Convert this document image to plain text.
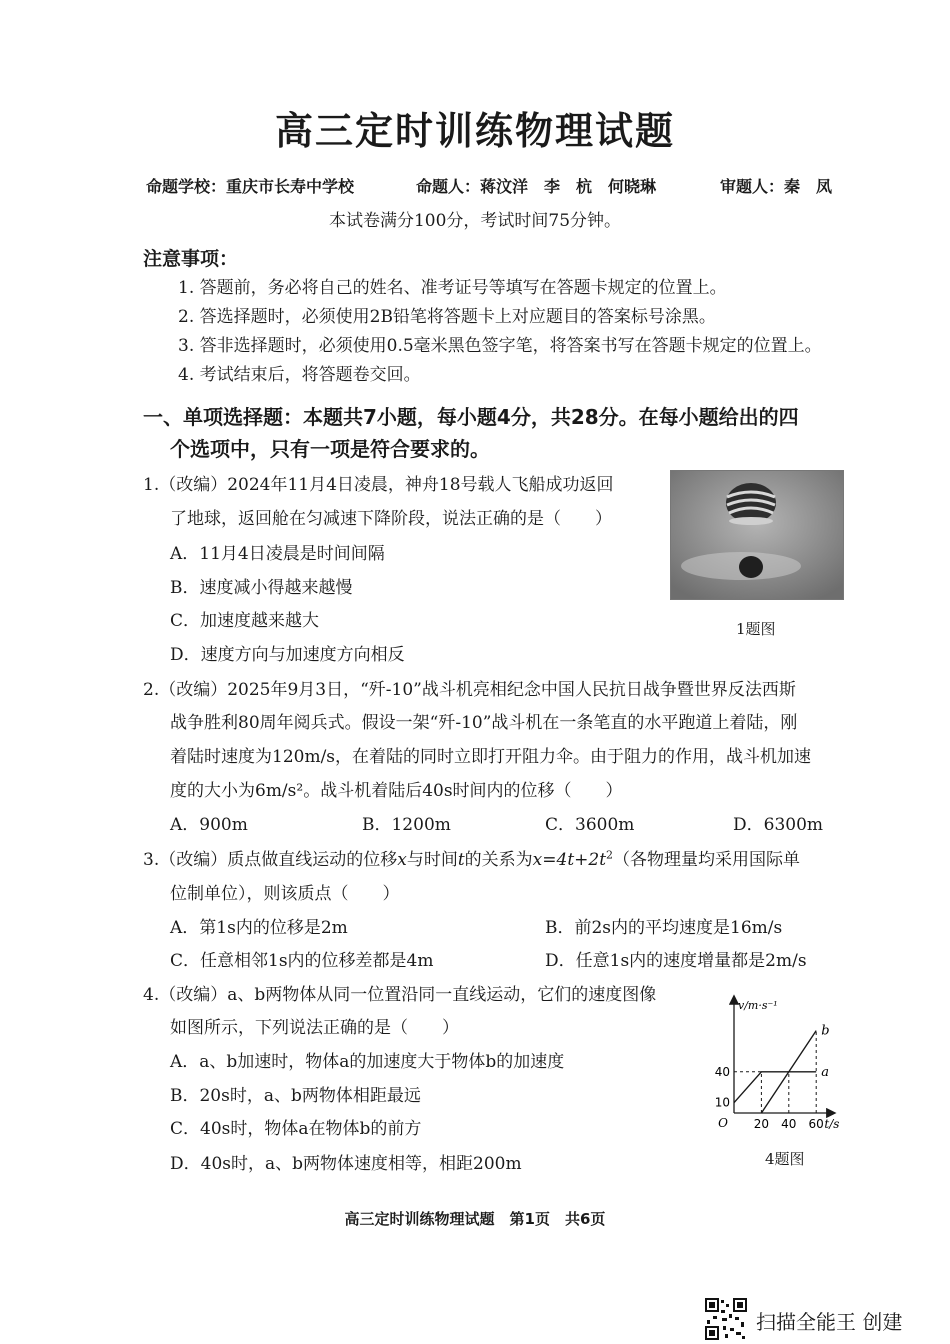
高三定时训练物理试题
命题学校：重庆市长寿中学校	命题人：蒋汶洋　李　杭　何晓琳	审题人：秦　凤
本试卷满分100分，考试时间75分钟。
注意事项：
1. 答题前，务必将自己的姓名、准考证号等填写在答题卡规定的位置上。
2. 答选择题时，必须使用2B铅笔将答题卡上对应题目的答案标号涂黑。
3. 答非选择题时，必须使用0.5毫米黑色签字笔，将答案书写在答题卡规定的位置上。
4. 考试结束后，将答题卷交回。
一、单项选择题：本题共7小题，每小题4分，共28分。在每小题给出的四
个选项中，只有一项是符合要求的。
1.（改编）2024年11月4日凌晨，神舟18号载人飞船成功返回
了地球，返回舱在匀减速下降阶段，说法正确的是（　　）
A．11月4日凌晨是时间间隔
B．速度减小得越来越慢
C．加速度越来越大
D．速度方向与加速度方向相反
1题图
2.（改编）2025年9月3日，“歼-10”战斗机亮相纪念中国人民抗日战争暨世界反法西斯
战争胜利80周年阅兵式。假设一架“歼-10”战斗机在一条笔直的水平跑道上着陆，刚
着陆时速度为120m/s，在着陆的同时立即打开阻力伞。由于阻力的作用，战斗机加速
度的大小为6m/s²。战斗机着陆后40s时间内的位移（　　）
A．900m	B．1200m	C．3600m	D．6300m
3.（改编）质点做直线运动的位移x与时间t的关系为$x=4t+2t^2$（各物理量均采用国际单
位制单位），则该质点（　　）
A．第1s内的位移是2m	B．前2s内的平均速度是16m/s
C．任意相邻1s内的位移差都是4m	D．任意1s内的速度增量都是2m/s
4.（改编）a、b两物体从同一位置沿同一直线运动，它们的速度图像
如图所示，下列说法正确的是（　　）
A．a、b加速时，物体a的加速度大于物体b的加速度
B．20s时，a、b两物体相距最远
C．40s时，物体a在物体b的前方
D．40s时，a、b两物体速度相等，相距200m
a
b
20 40 60
10
40
O	t/s
v/m·s⁻¹
4题图
高三定时训练物理试题　第1页　共6页
扫描全能王 创建
